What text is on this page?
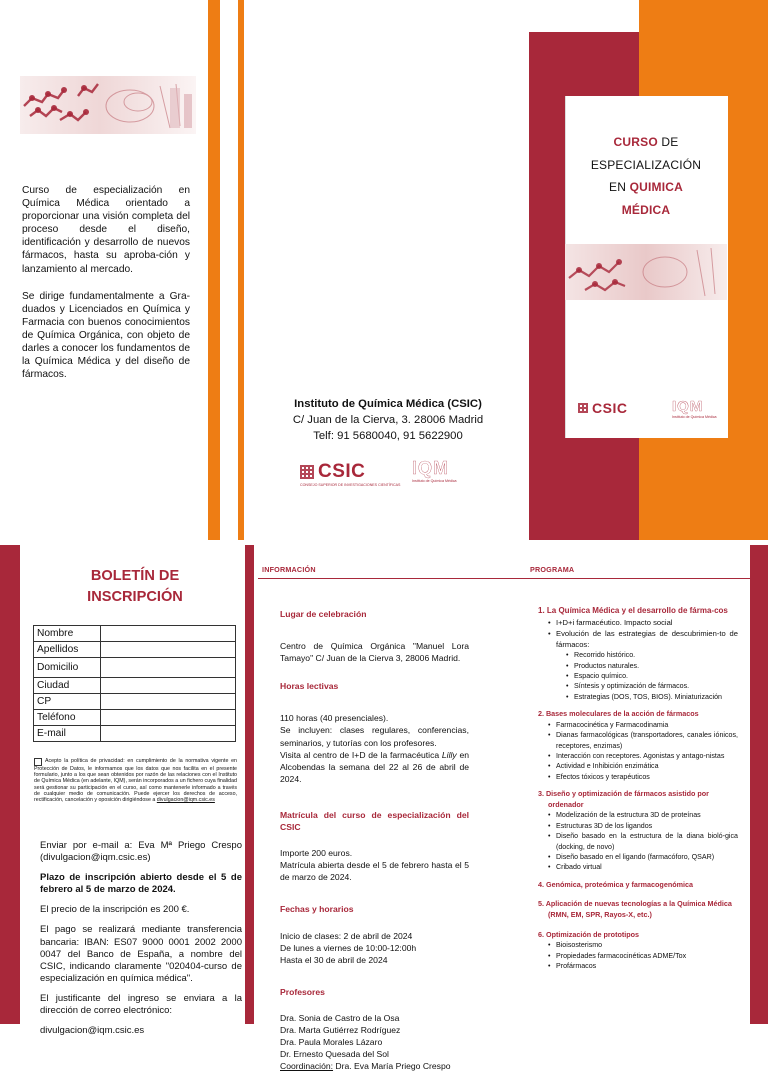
Curso de especialización en Química Médica orientado a proporcionar una visión completa del proceso desde el diseño, identificación y desarrollo de nuevos fármacos, hasta su aproba-ción y lanzamiento al mercado.

Se dirige fundamentalmente a Gra-duados y Licenciados en Química y Farmacia con buenos conocimientos de Química Orgánica, con objeto de darles a conocer los fundamentos de la Química Médica y del diseño de fármacos.

Instituto de Química Médica (CSIC)
C/ Juan de la Cierva, 3. 28006 Madrid
Telf: 91 5680040, 91 5622900
CSIC
CONSEJO SUPERIOR DE INVESTIGACIONES CIENTÍFICAS
IQM
Instituto de Química Médica
CURSO DE
ESPECIALIZACIÓN
EN QUIMICA
MÉDICA
CSIC	IQM
Instituto de Química Médica
BOLETÍN DE
INSCRIPCIÓN
Nombre	
Apellidos	
Domicilio	
Ciudad	
CP	
Teléfono	
E-mail	
Acepto la política de privacidad: en cumplimiento de la normativa vigente en Protección de Datos, le informamos que los datos que nos facilita en el presente formulario, junto a los que sean obtenidos por razón de las relaciones con el Instituto de Química Médica (en adelante, IQM), serán incorporados a un fichero cuya finalidad será gestionar su participación en el curso, así como mantenerle informado a través de cualquier medio de comunicación. Puede ejercer los derechos de acceso, rectificación, cancelación y oposición dirigiéndose a divulgacion@iqm.csic.es

Enviar por e-mail a: Eva Mª Priego Crespo (divulgacion@iqm.csic.es)

Plazo de inscripción abierto desde el 5 de febrero al 5 de marzo de 2024.

El precio de la inscripción es 200 €.

El pago se realizará mediante transferencia bancaria: IBAN: ES07 9000 0001 2002 2000 0047 del Banco de España, a nombre del CSIC, indicando claramente "020404-curso de especialización en química médica".

El justificante del ingreso se enviara a la dirección de correo electrónico:

divulgacion@iqm.csic.es

INFORMACIÓN
Lugar de celebración

Centro de Química Orgánica "Manuel Lora Tamayo" C/ Juan de la Cierva 3, 28006 Madrid.

Horas lectivas

110 horas (40 presenciales).
Se incluyen: clases regulares, conferencias, seminarios, y tutorías con los profesores.
Visita al centro de I+D de la farmacéutica Lilly en Alcobendas la semana del 22 al 26 de abril de 2024.

Matrícula del curso de especialización del CSIC

Importe 200 euros.
Matrícula abierta desde el 5 de febrero hasta el 5 de marzo de 2024.

Fechas y horarios

Inicio de clases: 2 de abril de 2024
De lunes a viernes de 10:00-12:00h
Hasta el 30 de abril de 2024

Profesores

Dra. Sonia de Castro de la Osa
Dra. Marta Gutiérrez Rodríguez
Dra. Paula Morales Lázaro
Dr. Ernesto Quesada del Sol
Coordinación: Dra. Eva María Priego Crespo

PROGRAMA
1. La Química Médica y el desarrollo de fárma-cos
• I+D+i farmacéutico. Impacto social
• Evolución de las estrategias de descubrimien-to de fármacos:
• Recorrido histórico.
• Productos naturales.
• Espacio químico.
• Síntesis y optimización de fármacos.
• Estrategias (DOS, TOS, BIOS). Miniaturización
2. Bases moleculares de la acción de fármacos
• Farmacocinética y Farmacodinamia
• Dianas farmacológicas (transportadores, canales iónicos, receptores, enzimas)
• Interacción con receptores. Agonistas y antago-nistas
• Actividad e Inhibición enzimática
• Efectos tóxicos y terapéuticos
3. Diseño y optimización de fármacos asistido por ordenador
• Modelización de la estructura 3D de proteínas
• Estructuras 3D de los ligandos
• Diseño basado en la estructura de la diana bioló-gica (docking, de novo)
• Diseño basado en el ligando (farmacóforo, QSAR)
• Cribado virtual
4. Genómica, proteómica y farmacogenómica
5. Aplicación de nuevas tecnologías a la Química Médica (RMN, EM, SPR, Rayos-X, etc.)
6. Optimización de prototipos
• Bioisosterismo
• Propiedades farmacocinéticas ADME/Tox
• Profármacos
